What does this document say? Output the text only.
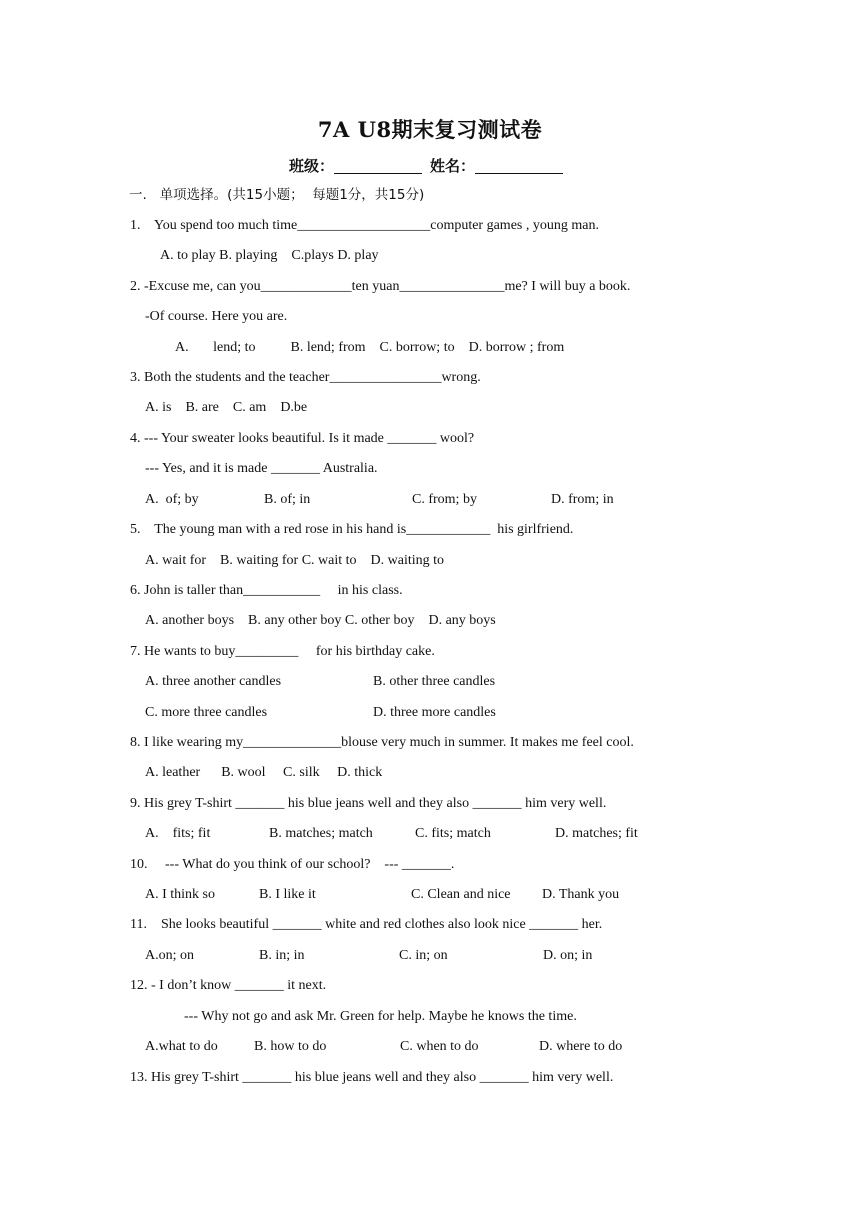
7A U8期末复习测试卷
班级：	姓名：
一.   单项选择。(共15小题；  每题1分，共15分)
1.    You spend too much time___________________computer games , young man.
A. to play B. playing    C.plays D. play
2. -Excuse me, can you_____________ten yuan_______________me? I will buy a book.
-Of course. Here you are.
A.       lend; to          B. lend; from    C. borrow; to    D. borrow ; from
3. Both the students and the teacher________________wrong.
A. is    B. are    C. am    D.be
4. --- Your sweater looks beautiful. Is it made _______ wool?
--- Yes, and it is made _______ Australia.
A.  of; by	B. of; in	C. from; by	D. from; in
5.    The young man with a red rose in his hand is____________  his girlfriend.
A. wait for    B. waiting for C. wait to    D. waiting to
6. John is taller than___________     in his class.
A. another boys    B. any other boy C. other boy    D. any boys
7. He wants to buy_________     for his birthday cake.
A. three another candles	B. other three candles
C. more three candles	D. three more candles
8. I like wearing my______________blouse very much in summer. It makes me feel cool.
A. leather      B. wool     C. silk     D. thick
9. His grey T-shirt _______ his blue jeans well and they also _______ him very well.
A.    fits; fit	B. matches; match	C. fits; match	D. matches; fit
10.     --- What do you think of our school?    --- _______.
A. I think so	B. I like it	C. Clean and nice D. Thank you
11.    She looks beautiful _______ white and red clothes also look nice _______ her.
A.on; on	B. in; in	C. in; on	D. on; in
12. - I don’t know _______ it next.
--- Why not go and ask Mr. Green for help. Maybe he knows the time.
A.what to do	B. how to do	C. when to do	D. where to do
13. His grey T-shirt _______ his blue jeans well and they also _______ him very well.
